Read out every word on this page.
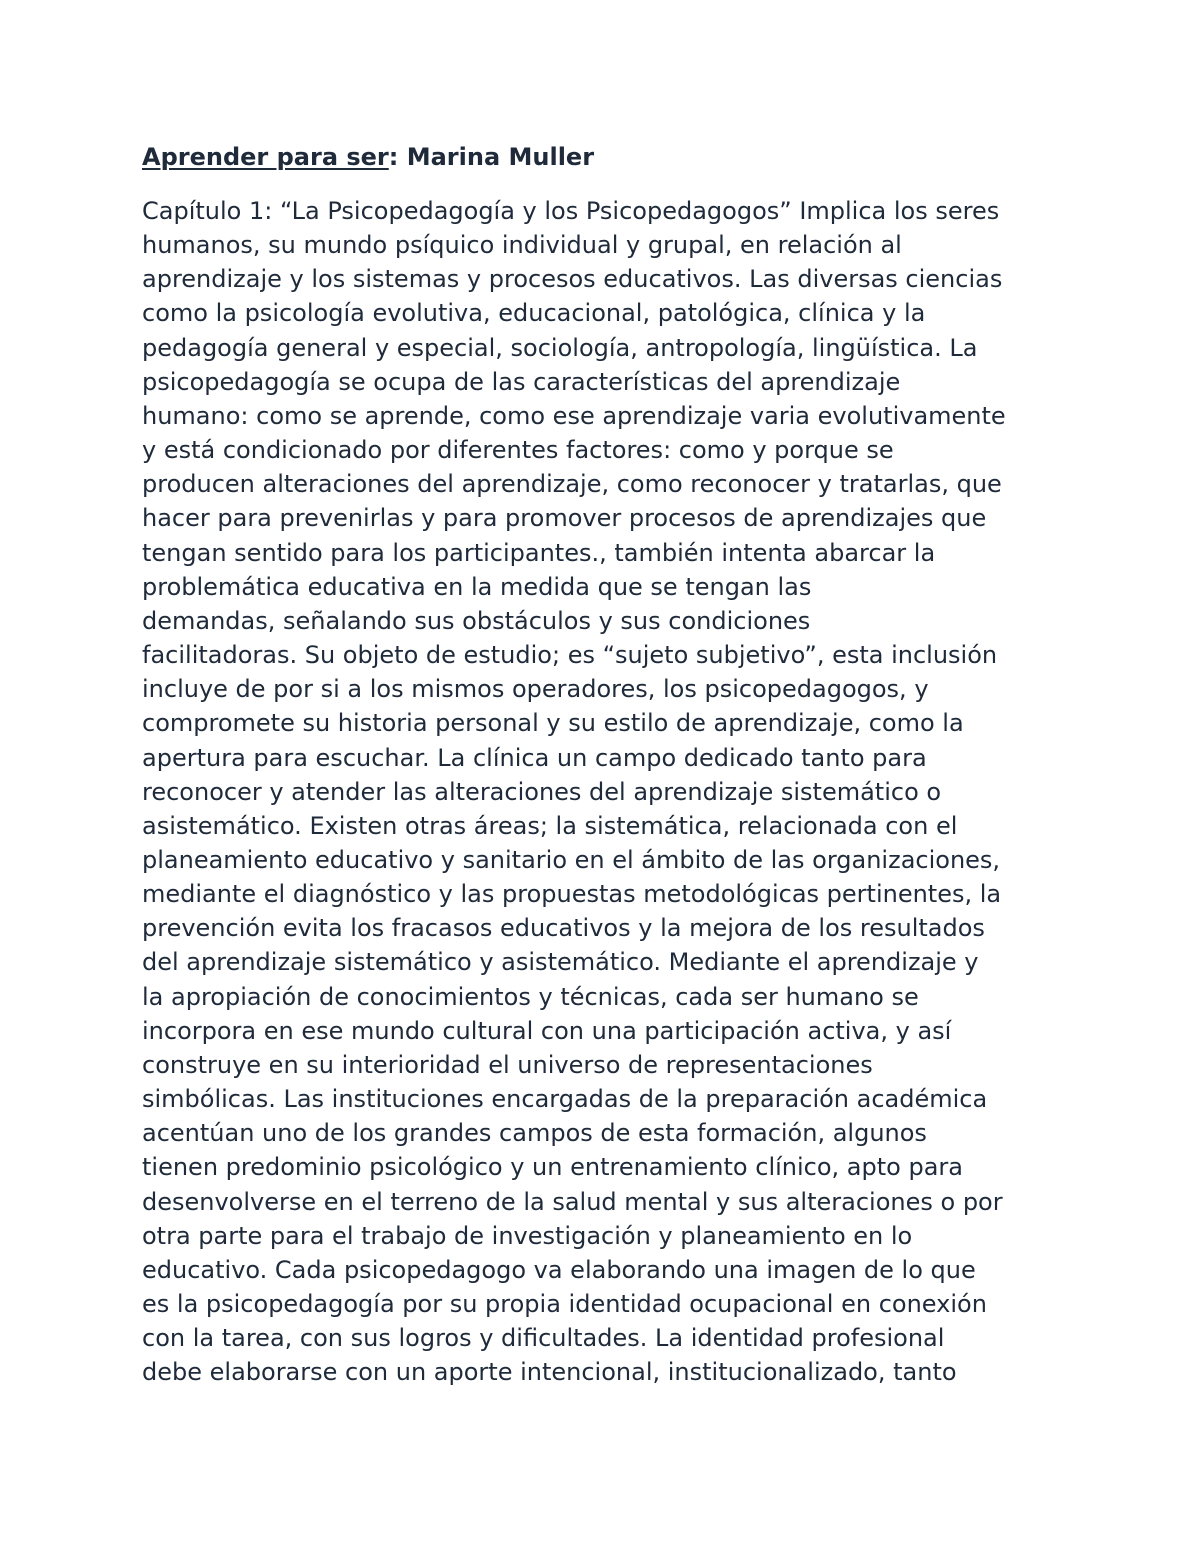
Aprender para ser: Marina Muller
Capítulo 1: “La Psicopedagogía y los Psicopedagogos” Implica los seres
humanos, su mundo psíquico individual y grupal, en relación al
aprendizaje y los sistemas y procesos educativos. Las diversas ciencias
como la psicología evolutiva, educacional, patológica, clínica y la
pedagogía general y especial, sociología, antropología, lingüística. La
psicopedagogía se ocupa de las características del aprendizaje
humano: como se aprende, como ese aprendizaje varia evolutivamente
y está condicionado por diferentes factores: como y porque se
producen alteraciones del aprendizaje, como reconocer y tratarlas, que
hacer para prevenirlas y para promover procesos de aprendizajes que
tengan sentido para los participantes., también intenta abarcar la
problemática educativa en la medida que se tengan las
demandas, señalando sus obstáculos y sus condiciones
facilitadoras. Su objeto de estudio; es “sujeto subjetivo”, esta inclusión
incluye de por si a los mismos operadores, los psicopedagogos, y
compromete su historia personal y su estilo de aprendizaje, como la
apertura para escuchar. La clínica un campo dedicado tanto para
reconocer y atender las alteraciones del aprendizaje sistemático o
asistemático. Existen otras áreas; la sistemática, relacionada con el
planeamiento educativo y sanitario en el ámbito de las organizaciones,
mediante el diagnóstico y las propuestas metodológicas pertinentes, la
prevención evita los fracasos educativos y la mejora de los resultados
del aprendizaje sistemático y asistemático. Mediante el aprendizaje y
la apropiación de conocimientos y técnicas, cada ser humano se
incorpora en ese mundo cultural con una participación activa, y así
construye en su interioridad el universo de representaciones
simbólicas. Las instituciones encargadas de la preparación académica
acentúan uno de los grandes campos de esta formación, algunos
tienen predominio psicológico y un entrenamiento clínico, apto para
desenvolverse en el terreno de la salud mental y sus alteraciones o por
otra parte para el trabajo de investigación y planeamiento en lo
educativo. Cada psicopedagogo va elaborando una imagen de lo que
es la psicopedagogía por su propia identidad ocupacional en conexión
con la tarea, con sus logros y dificultades. La identidad profesional
debe elaborarse con un aporte intencional, institucionalizado, tanto
